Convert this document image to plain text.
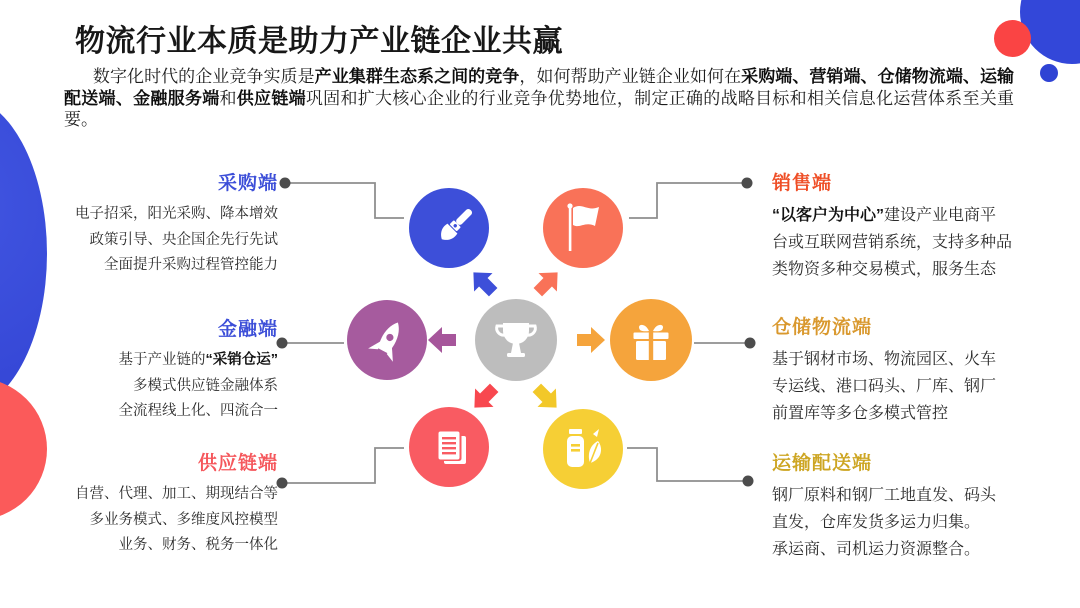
物流行业本质是助力产业链企业共赢
数字化时代的企业竞争实质是产业集群生态系之间的竞争，如何帮助产业链企业如何在采购端、营销端、仓储物流端、运输配送端、金融服务端和供应链端巩固和扩大核心企业的行业竞争优势地位，制定正确的战略目标和相关信息化运营体系至关重要。
采购端
电子招采，阳光采购、降本增效
政策引导、央企国企先行先试
全面提升采购过程管控能力
金融端
基于产业链的“采销仓运”
多模式供应链金融体系
全流程线上化、四流合一
供应链端
自营、代理、加工、期现结合等
多业务模式、多维度风控模型
业务、财务、税务一体化
销售端
“以客户为中心”建设产业电商平
台或互联网营销系统，支持多种品
类物资多种交易模式，服务生态
仓储物流端
基于钢材市场、物流园区、火车
专运线、港口码头、厂库、钢厂
前置库等多仓多模式管控
运输配送端
钢厂原料和钢厂工地直发、码头
直发，仓库发货多运力归集。
承运商、司机运力资源整合。
